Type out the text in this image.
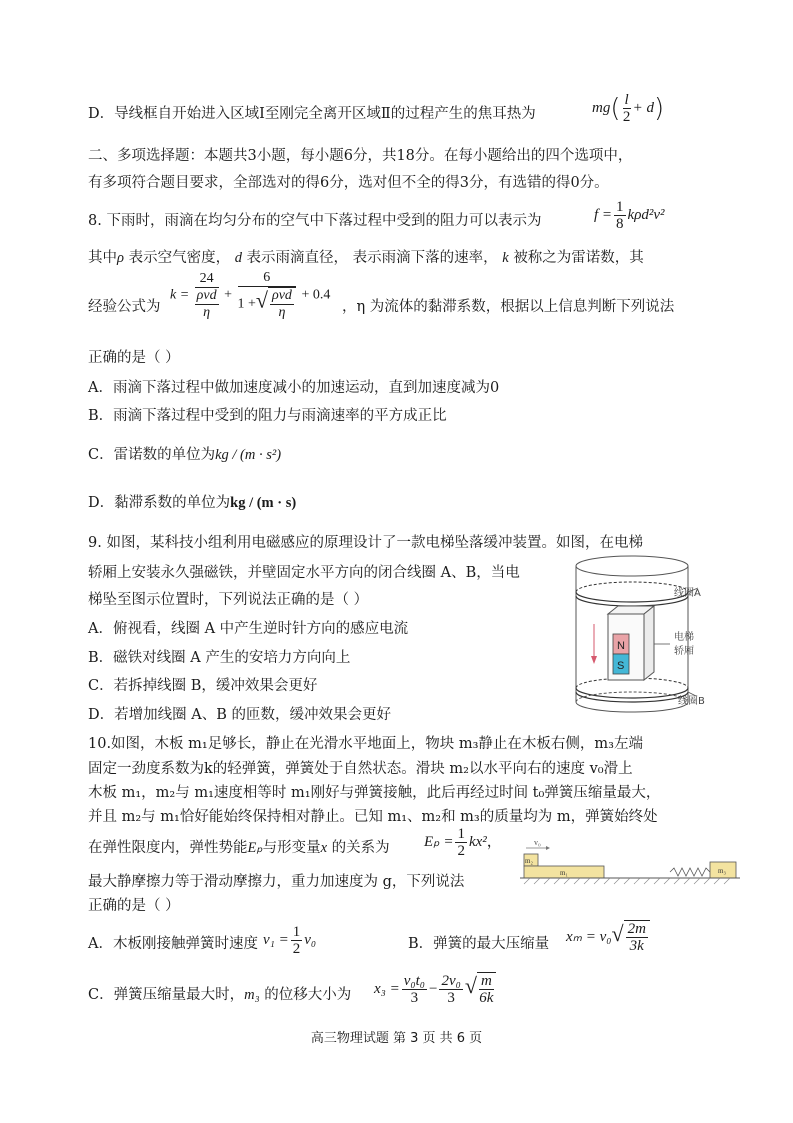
D．导线框自开始进入区域Ⅰ至刚完全离开区域Ⅱ的过程产生的焦耳热为	$mg( \frac{l}{2} + d)$
二、多项选择题：本题共3小题，每小题6分，共18分。在每小题给出的四个选项中，
有多项符合题目要求，全部选对的得6分，选对但不全的得3分，有选错的得0分。
8. 下雨时，雨滴在均匀分布的空气中下落过程中受到的阻力可以表示为	$f = \frac{1}{8} k\rho d^2v^2$
其中ρ 表示空气密度， d 表示雨滴直径， 表示雨滴下落的速率， k 被称之为雷诺数，其
经验公式为
$k = \frac{24}{\frac{\text{ρvd}}{\eta}} + \frac{6}{1 +√ \frac{\text{ρvd}}{\eta}} + 0.4$
，η 为流体的黏滞系数，根据以上信息判断下列说法
正确的是（ ）
A．雨滴下落过程中做加速度减小的加速运动，直到加速度减为0
B．雨滴下落过程中受到的阻力与雨滴速率的平方成正比
C．雷诺数的单位为kg / (m · s²)
D．黏滞系数的单位为kg / (m · s)
9. 如图，某科技小组利用电磁感应的原理设计了一款电梯坠落缓冲装置。如图，在电梯
轿厢上安装永久强磁铁，并壁固定水平方向的闭合线圈 A、B，当电
梯坠至图示位置时，下列说法正确的是（ ）
A．俯视看，线圈 A 中产生逆时针方向的感应电流
B．磁铁对线圈 A 产生的安培力方向向上
C．若拆掉线圈 B，缓冲效果会更好
D．若增加线圈 A、B 的匝数，缓冲效果会更好
N
S
线圈A
电梯
轿厢
线圈B
10.如图，木板 m₁足够长，静止在光滑水平地面上，物块 m₃静止在木板右侧，m₃左端
固定一劲度系数为k的轻弹簧，弹簧处于自然状态。滑块 m₂以水平向右的速度 v₀滑上
木板 m₁，m₂与 m₁速度相等时 m₁刚好与弹簧接触，此后再经过时间 t₀弹簧压缩量最大，
并且 m₂与 m₁恰好能始终保持相对静止。已知 m₁、m₂和 m₃的质量均为 m，弹簧始终处
在弹性限度内，弹性势能Eₚ与形变量x 的关系为 $E_p = \frac{1}{2} kx^2$，
最大静摩擦力等于滑动摩擦力，重力加速度为 g，下列说法
正确的是（ ）
v₀
m₂
m₁	m₃
A．木板刚接触弹簧时速度 $v_1 = \frac{1}{2} v_0$	B．弹簧的最大压缩量 $x_m = v_0√ \frac{2m}{3k}$
C．弹簧压缩量最大时，m₃ 的位移大小为 $x_3 = \frac{\text{v₀t₀}}{3} - \frac{\text{2v₀}}{3}$ √ $\frac{m}{6k}$
高三物理试题 第 3 页 共 6 页
